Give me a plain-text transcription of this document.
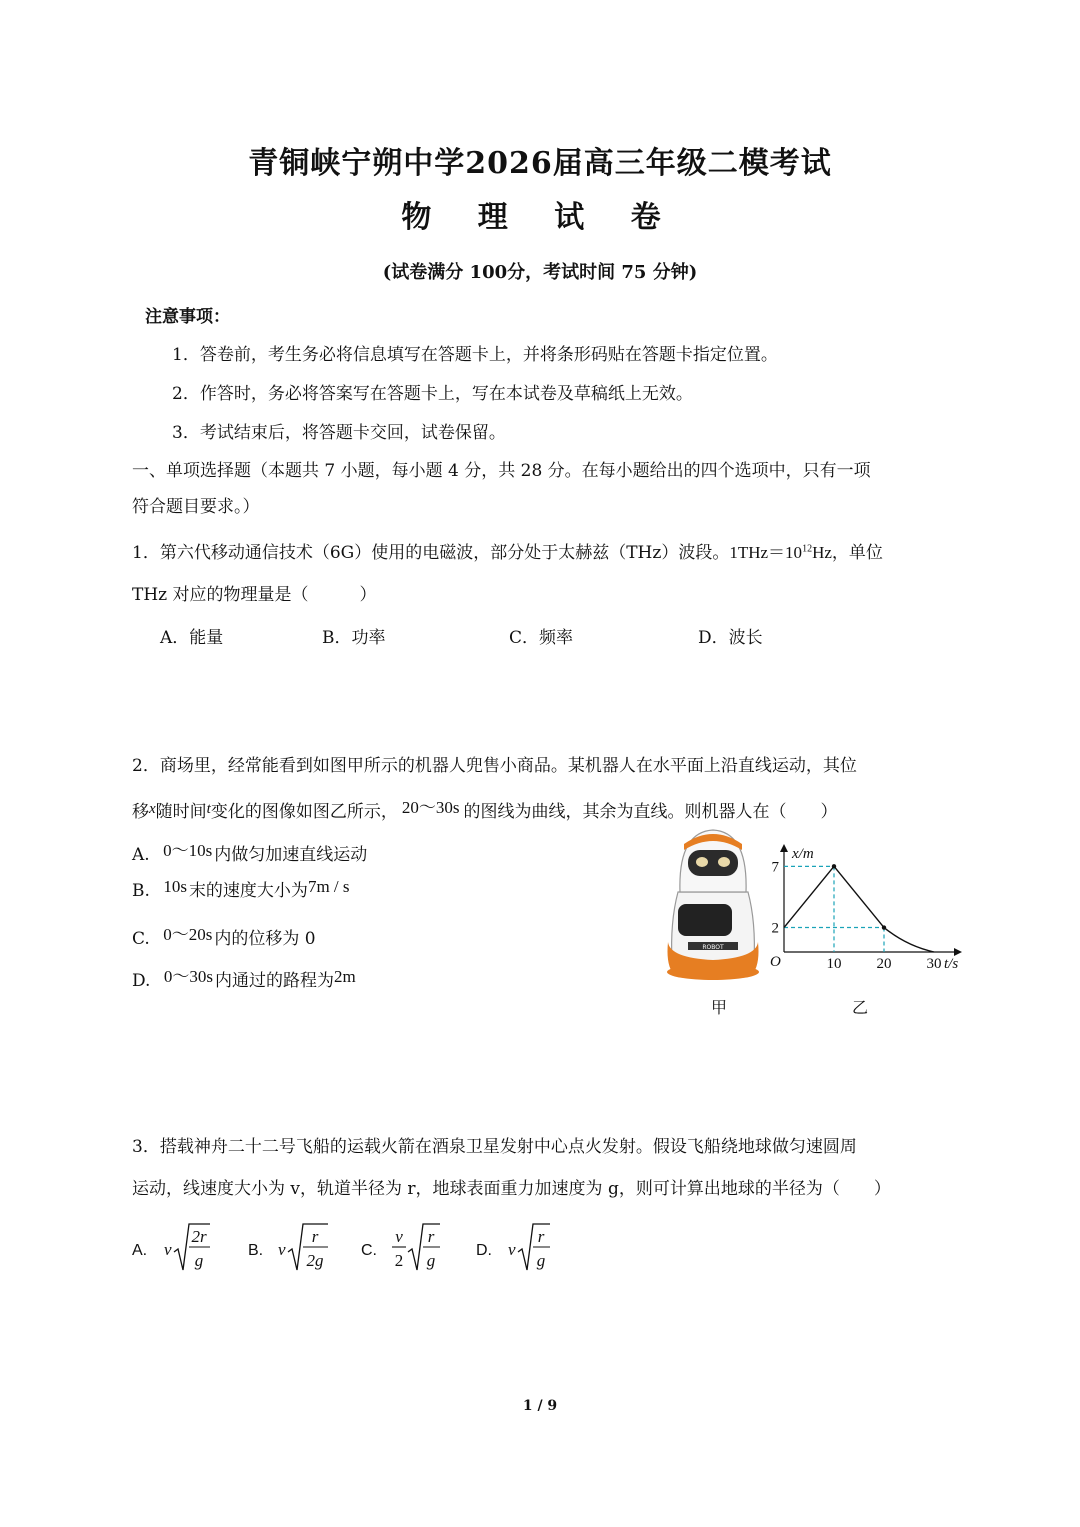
青铜峡宁朔中学2026届高三年级二模考试
物 理 试 卷
(试卷满分 100分，考试时间 75 分钟)
注意事项：
1．答卷前，考生务必将信息填写在答题卡上，并将条形码贴在答题卡指定位置。
2．作答时，务必将答案写在答题卡上，写在本试卷及草稿纸上无效。
3．考试结束后，将答题卡交回，试卷保留。
一、单项选择题（本题共 7 小题，每小题 4 分，共 28 分。在每小题给出的四个选项中，只有一项
符合题目要求。）
1．第六代移动通信技术（6G）使用的电磁波，部分处于太赫兹（THz）波段。$1THz=10^{12}Hz$，单位
THz 对应的物理量是（　　　）
A．能量	B．功率	C．频率	D．波长
2．商场里，经常能看到如图甲所示的机器人兜售小商品。某机器人在水平面上沿直线运动，其位
移x随时间t变化的图像如图乙所示， 20～30s 的图线为曲线，其余为直线。则机器人在（　　）
A. 0～10s 内做匀加速直线运动
B. 10s 末的速度大小为7m / s
C. 0～20s 内的位移为 0
D. 0～30s 内通过的路程为2m
ROBOT
甲
x/m
t/s
O	10 20 30
2
7
乙
3．搭载神舟二十二号飞船的运载火箭在酒泉卫星发射中心点火发射。假设飞船绕地球做匀速圆周
运动，线速度大小为 v，轨道半径为 r，地球表面重力加速度为 g，则可计算出地球的半径为（　　）
A. v
2r
g
B. v
r
2g
C.
v
2
r
g
D. v
r
g
1 / 9
